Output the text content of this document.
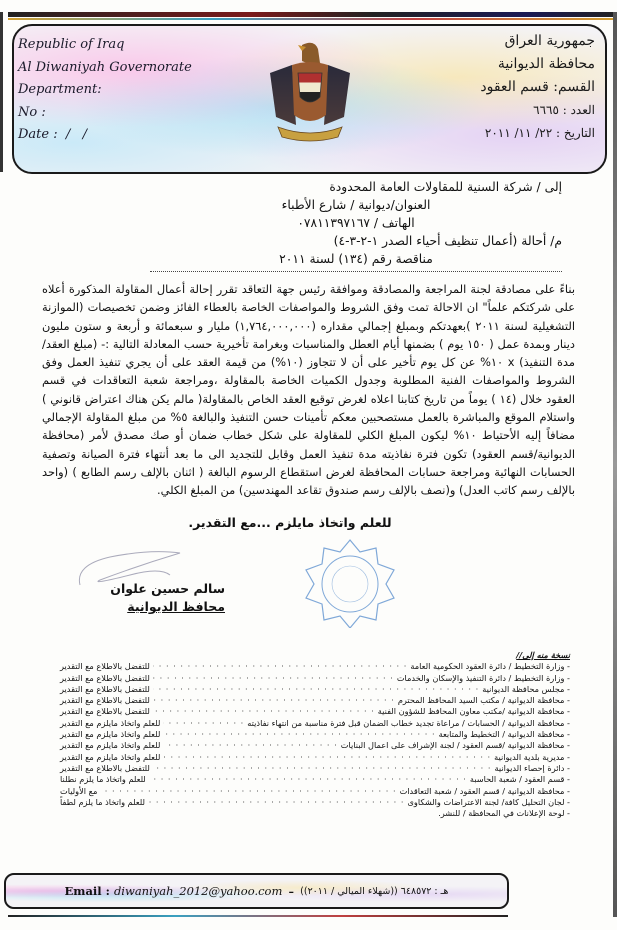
Republic of Iraq
Al Diwaniyah Governorate
Department:
No :
Date :  /   /
جمهورية العراق
محافظة الديوانية
القسم: قسم العقود
العدد : ٦٦٦٥
التاريخ : ٢٢/ ١١/ ٢٠١١
إلى / شركة السنية للمقاولات العامة المحدودة
العنوان/ديوانية / شارع الأطباء
الهاتف / ٠٧٨١١٣٩٧١٦٧
م/ أحالة (أعمال تنظيف أحياء الصدر ١-٢-٣-٤)
مناقصة رقم (١٣٤) لسنة ٢٠١١
بناءً على مصادقة لجنة المراجعة والمصادقة وموافقة رئيس جهة التعاقد تقرر إحالة أعمال المقاولة المذكورة أعلاه على شركتكم علماً" ان الاحالة تمت وفق الشروط والمواصفات الخاصة بالعطاء الفائز وضمن تخصيصات (الموازنة التشغيلية لسنة ٢٠١١ )بعهدتكم وبمبلغ إجمالي مقداره (١,٧٦٤,٠٠٠,٠٠٠) مليار و سبعمائة و أربعة و ستون مليون دينار وبمدة عمل ( ١٥٠ يوم ) بضمنها أيام العطل والمناسبات وبغرامة تأخيرية حسب المعادلة التالية :- (مبلغ العقد/ مدة التنفيذ) x ١٠% عن كل يوم تأخير على أن لا تتجاوز (١٠%) من قيمة العقد على أن يجري تنفيذ العمل وفق الشروط والمواصفات الفنية المطلوبة وجدول الكميات الخاصة بالمقاولة ،ومراجعة شعبة التعاقدات في قسم العقود خلال (١٤ ) يوماً من تاريخ كتابنا اعلاه لغرض توقيع العقد الخاص بالمقاولة( مالم يكن هناك اعتراض قانوني ) واستلام الموقع والمباشرة بالعمل مستصحبين معكم تأمينات حسن التنفيذ والبالغة ٥% من مبلغ المقاولة الإجمالي مضافاً إليه الأحتياط ١٠% ليكون المبلغ الكلي للمقاولة على شكل خطاب ضمان أو صك مصدق لأمر (محافظة الديوانية/قسم العقود) تكون فترة نفاذيته مدة تنفيذ العمل وقابل للتجديد الى ما بعد أنتهاء فترة الصيانة وتصفية الحسابات النهائية ومراجعة حسابات المحافظة لغرض استقطاع الرسوم البالغة ( اثنان بالإلف رسم الطابع ) (واحد بالإلف رسم كاتب العدل) و(نصف بالإلف رسم صندوق تقاعد المهندسين) من المبلغ الكلي.
للعلم واتخاذ مايلزم ...مع التقدير.
سالم حسين علوان
محافظ الديوانية
نسخة منه إلى//
- وزارة التخطيط / دائرة العقود الحكومية العامة
· · ·
للتفضل بالاطلاع مع التقدير
- وزارة التخطيط / دائرة التنفيذ والإسكان والخدمات
· · ·
للتفضل بالاطلاع مع التقدير
- مجلس محافظة الديوانية
· · ·
للتفضل بالاطلاع مع التقدير
- محافظة الديوانية / مكتب السيد المحافظ المحترم
· · ·
للتفضل بالاطلاع مع التقدير
- محافظة الديوانية /مكتب معاون المحافظ للشؤون الفنية
· · ·
للتفضل بالاطلاع مع التقدير
- محافظة الديوانية / الحسابات / مراعاة تجديد خطاب الضمان قبل فترة مناسبة من انتهاء نفاذيته
· · ·
للعلم واتخاذ مايلزم مع التقدير
- محافظة الديوانية / التخطيط والمتابعة
· · ·
للعلم واتخاذ مايلزم مع التقدير
- محافظة الديوانية /قسم العقود / لجنة الإشراف على اعمال البنايات
· · ·
للعلم واتخاذ مايلزم مع التقدير
- مديرية بلدية الديوانية
· · ·
للعلم واتخاذ مايلزم مع التقدير
- دائرة إحصاء الديوانية
· · ·
للتفضل بالاطلاع مع التقدير
- قسم العقود / شعبة الحاسبة
· · ·
للعلم واتخاذ ما يلزم نطلنا
- محافظة الديوانية / قسم العقود / شعبة التعاقدات
· · ·
مع الأوليات
- لجان التحليل كافة/ لجنة الاعتراضات والشكاوى
· · ·
للعلم واتخاذ ما يلزم لطفاً
- لوحة الإعلانات في المحافظة / للنشر.
Email : diwaniyah_2012@yahoo.com - هـ : ٦٤٨٥٧٢ ((شهلاء الميالي / ٢٠١١))
